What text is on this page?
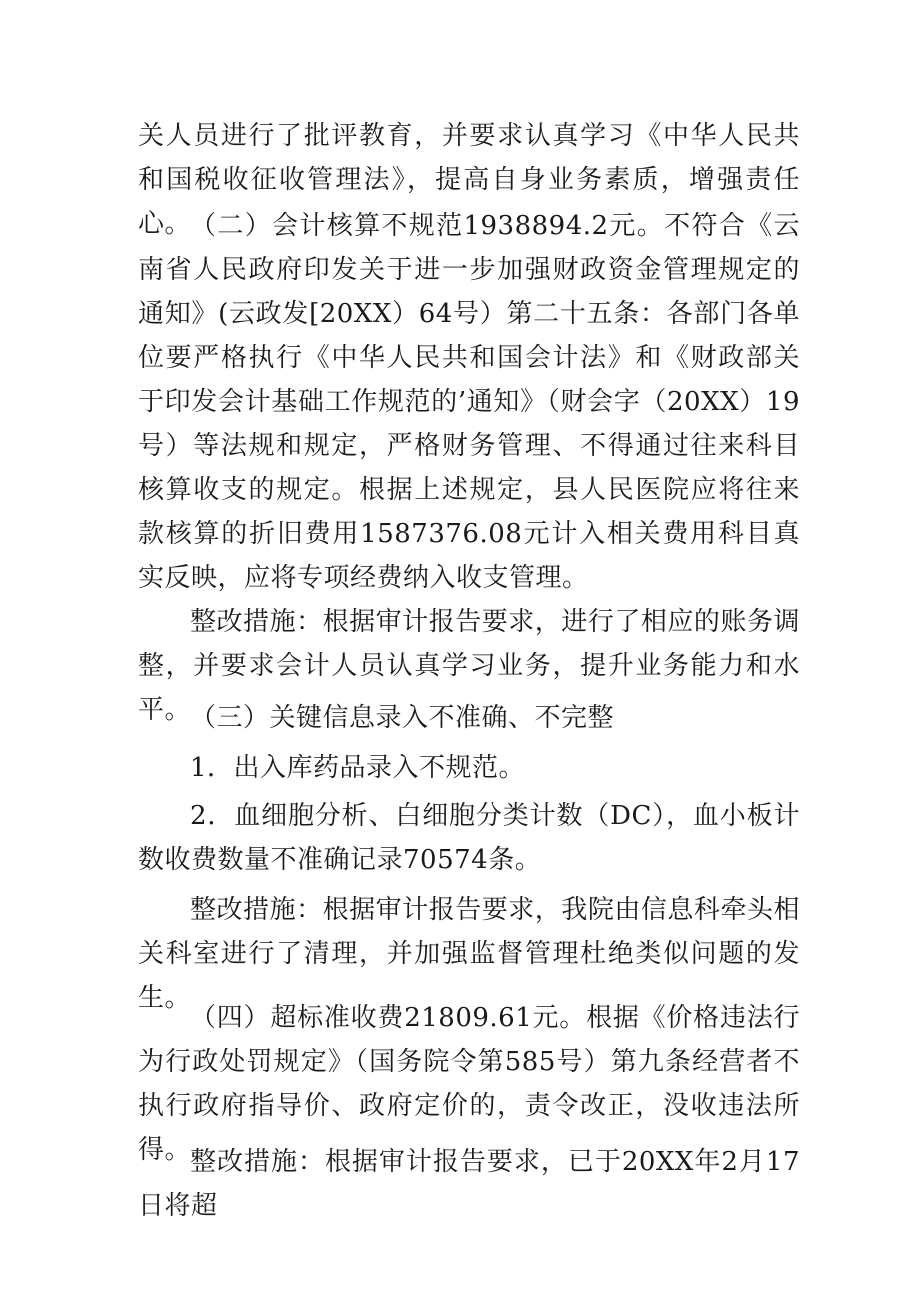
关人员进行了批评教育，并要求认真学习《中华人民共和国税收征收管理法》，提高自身业务素质，增强责任心。

（二）会计核算不规范1938894.2元。不符合《云南省人民政府印发关于进一步加强财政资金管理规定的通知》(云政发[20XX）64号）第二十五条：各部门各单位要严格执行《中华人民共和国会计法》和《财政部关于印发会计基础工作规范的’通知》（财会字（20XX）19号）等法规和规定，严格财务管理、不得通过往来科目核算收支的规定。根据上述规定，县人民医院应将往来款核算的折旧费用1587376.08元计入相关费用科目真实反映，应将专项经费纳入收支管理。

整改措施：根据审计报告要求，进行了相应的账务调整，并要求会计人员认真学习业务，提升业务能力和水平。

（三）关键信息录入不准确、不完整

1．出入库药品录入不规范。

2．血细胞分析、白细胞分类计数（DC），血小板计数收费数量不准确记录70574条。

整改措施：根据审计报告要求，我院由信息科牵头相关科室进行了清理，并加强监督管理杜绝类似问题的发生。

（四）超标准收费21809.61元。根据《价格违法行为行政处罚规定》（国务院令第585号）第九条经营者不执行政府指导价、政府定价的，责令改正，没收违法所得。

整改措施：根据审计报告要求，已于20XX年2月17日将超
